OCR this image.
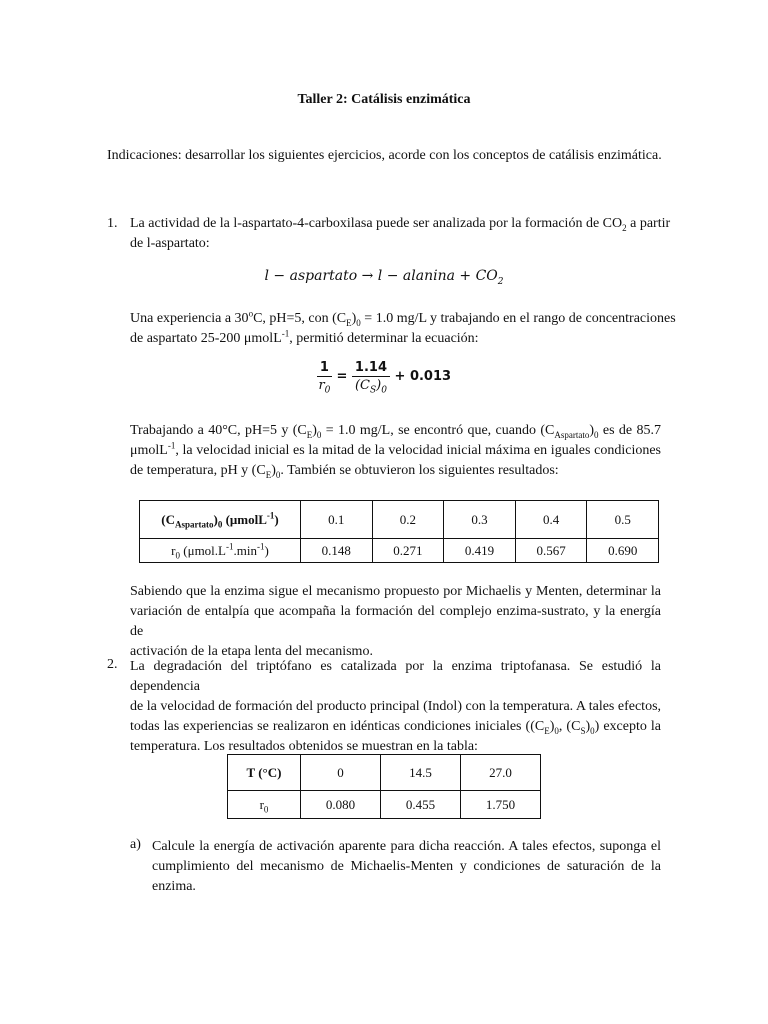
Taller 2: Catálisis enzimática
Indicaciones: desarrollar los siguientes ejercicios, acorde con los conceptos de catálisis enzimática.
1. La actividad de la l-aspartato-4-carboxilasa puede ser analizada por la formación de $CO_2$ a partir
de l-aspartato:
l − aspartato → l − alanina + $CO_2$
Una experiencia a 30$^o$C, pH=5, con $(C_E)_0 = 1.0$ mg/L y trabajando en el rango de concentraciones
de aspartato 25-200 μmolL$^{-1}$, permitió determinar la ecuación:
$\frac{1}{r_0} = \frac{1.14}{(C_S)_0} + 0.013$
Trabajando a 40°C, pH=5 y $(C_E)_0 = 1.0$ mg/L, se encontró que, cuando $(C_{Aspartato})_0$ es de 85.7
μmolL$^{-1}$, la velocidad inicial es la mitad de la velocidad inicial máxima en iguales condiciones
de temperatura, pH y $(C_E)_0$. También se obtuvieron los siguientes resultados:
$(C_{Aspartato})_0$ (μmolL$^{-1}$)	0.1	0.2	0.3	0.4	0.5
$r_0$ $(\mu mol.L^{-1}.\min^{-1})$	0.148	0.271	0.419	0.567	0.690
Sabiendo que la enzima sigue el mecanismo propuesto por Michaelis y Menten, determinar la
variación de entalpía que acompaña la formación del complejo enzima-sustrato, y la energía de
activación de la etapa lenta del mecanismo.
2. La degradación del triptófano es catalizada por la enzima triptofanasa. Se estudió la dependencia
de la velocidad de formación del producto principal (Indol) con la temperatura. A tales efectos,
todas las experiencias se realizaron en idénticas condiciones iniciales ($(C_E)_0$, $(C_S)_0$) excepto la
temperatura. Los resultados obtenidos se muestran en la tabla:
T (°C)	0	14.5	27.0
$r_0$	0.080	0.455	1.750
a) Calcule la energía de activación aparente para dicha reacción. A tales efectos, suponga el
cumplimiento del mecanismo de Michaelis-Menten y condiciones de saturación de la enzima.
